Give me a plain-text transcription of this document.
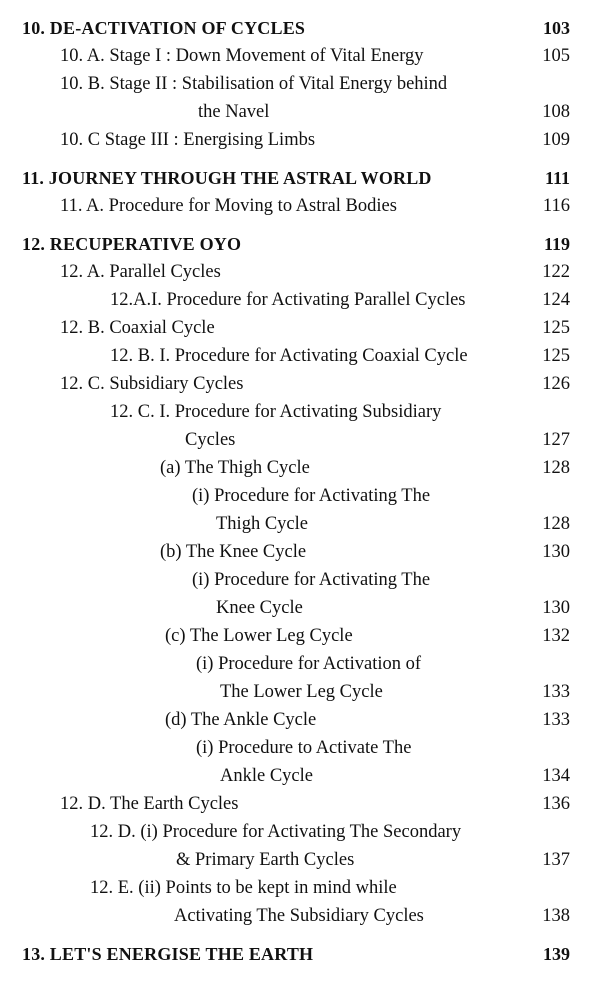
10. DE-ACTIVATION OF CYCLES	103
10. A. Stage I : Down Movement of Vital Energy	105
10. B. Stage II : Stabilisation of Vital Energy behind
the Navel	108
10. C Stage III : Energising Limbs	109
11. JOURNEY THROUGH THE ASTRAL WORLD	111
11. A. Procedure for Moving to Astral Bodies	116
12. RECUPERATIVE OYO	119
12. A. Parallel Cycles	122
12.A.I. Procedure for Activating Parallel Cycles	124
12. B. Coaxial Cycle	125
12. B. I. Procedure for Activating Coaxial Cycle	125
12. C. Subsidiary Cycles	126
12. C. I. Procedure for Activating Subsidiary
Cycles	127
(a) The Thigh Cycle	128
(i) Procedure for Activating The
Thigh Cycle	128
(b) The Knee Cycle	130
(i) Procedure for Activating The
Knee Cycle	130
(c) The Lower Leg Cycle	132
(i) Procedure for Activation of
The Lower Leg Cycle	133
(d) The Ankle Cycle	133
(i) Procedure to Activate The
Ankle Cycle	134
12. D. The Earth Cycles	136
12. D. (i) Procedure for Activating The Secondary
& Primary Earth Cycles	137
12. E. (ii) Points to be kept in mind while
Activating The Subsidiary Cycles	138
13. LET'S ENERGISE THE EARTH	139
